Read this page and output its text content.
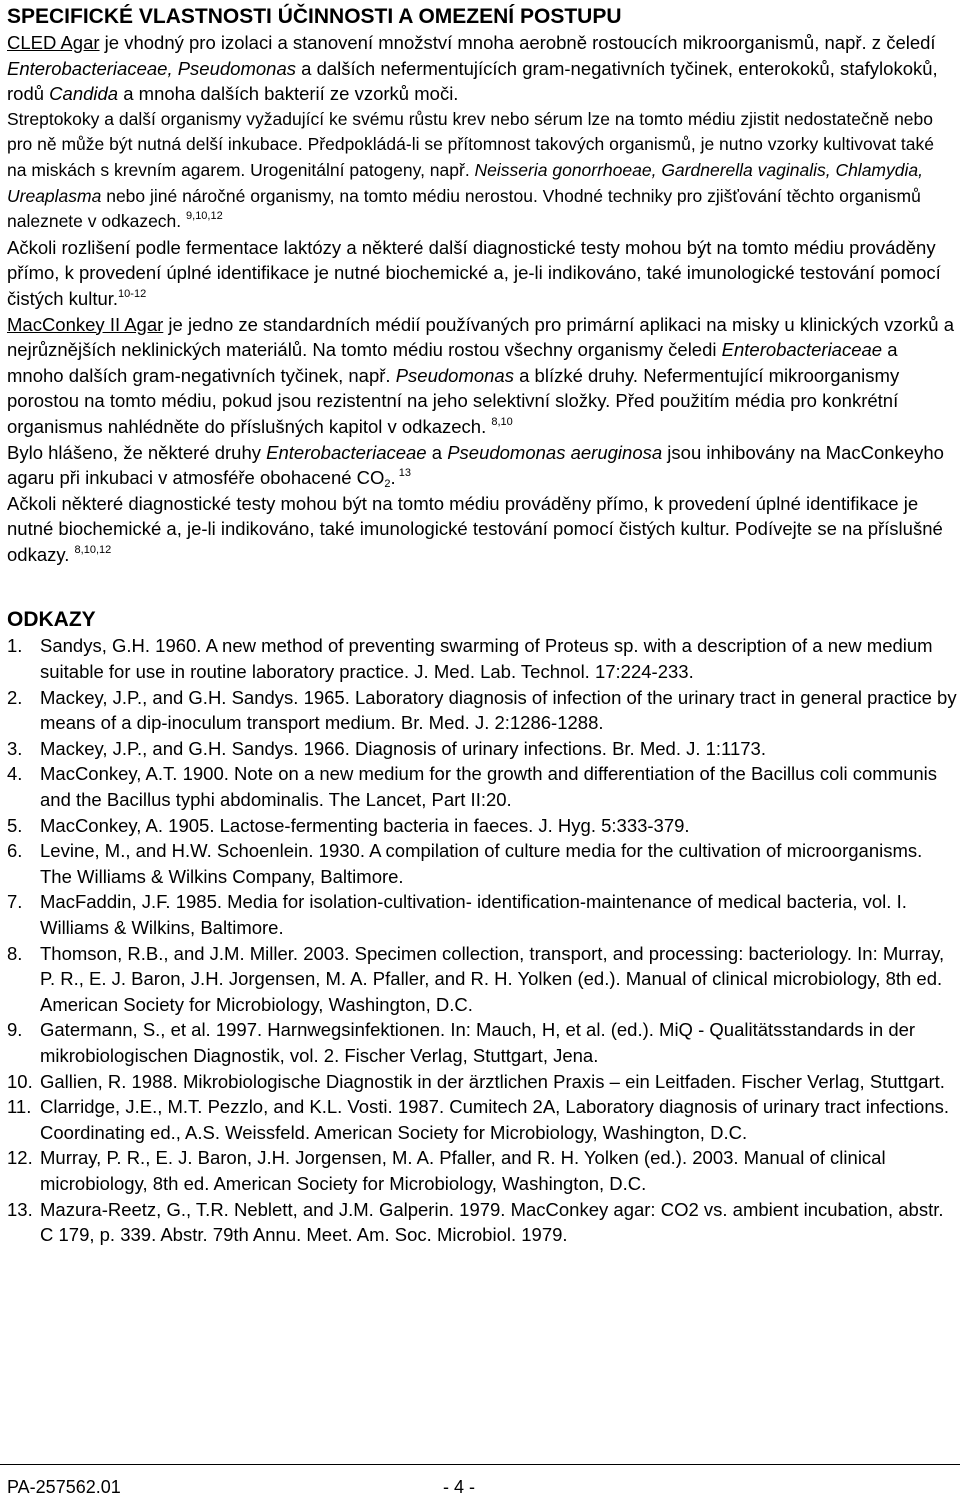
SPECIFICKÉ VLASTNOSTI ÚČINNOSTI A OMEZENÍ POSTUPU

CLED Agar je vhodný pro izolaci a stanovení množství mnoha aerobně rostoucích mikroorganismů, např. z čeledí Enterobacteriaceae, Pseudomonas a dalších nefermentujících gram-negativních tyčinek, enterokoků, stafylokoků, rodů Candida a mnoha dalších bakterií ze vzorků moči.

Streptokoky a další organismy vyžadující ke svému růstu krev nebo sérum lze na tomto médiu zjistit nedostatečně nebo pro ně může být nutná delší inkubace. Předpokládá-li se přítomnost takových organismů, je nutno vzorky kultivovat také na miskách s krevním agarem. Urogenitální patogeny, např. Neisseria gonorrhoeae, Gardnerella vaginalis, Chlamydia, Ureaplasma nebo jiné náročné organismy, na tomto médiu nerostou. Vhodné techniky pro zjišťování těchto organismů naleznete v odkazech. $^{9,10,12}$

Ačkoli rozlišení podle fermentace laktózy a některé další diagnostické testy mohou být na tomto médiu prováděny přímo, k provedení úplné identifikace je nutné biochemické a, je-li indikováno, také imunologické testování pomocí čistých kultur.$^{10-12}$

MacConkey II Agar je jedno ze standardních médií používaných pro primární aplikaci na misky u klinických vzorků a nejrůznějších neklinických materiálů. Na tomto médiu rostou všechny organismy čeledi Enterobacteriaceae a mnoho dalších gram-negativních tyčinek, např. Pseudomonas a blízké druhy. Nefermentující mikroorganismy porostou na tomto médiu, pokud jsou rezistentní na jeho selektivní složky. Před použitím média pro konkrétní organismus nahlédněte do příslušných kapitol v odkazech. $^{8,10}$

Bylo hlášeno, že některé druhy Enterobacteriaceae a Pseudomonas aeruginosa jsou inhibovány na MacConkeyho agaru při inkubaci v atmosféře obohacené $CO_2$. $^{13}$

Ačkoli některé diagnostické testy mohou být na tomto médiu prováděny přímo, k provedení úplné identifikace je nutné biochemické a, je-li indikováno, také imunologické testování pomocí čistých kultur. Podívejte se na příslušné odkazy. $^{8,10,12}$

ODKAZY
1. Sandys, G.H. 1960. A new method of preventing swarming of Proteus sp. with a description of a new medium suitable for use in routine laboratory practice. J. Med. Lab. Technol. 17:224-233.
2. Mackey, J.P., and G.H. Sandys. 1965. Laboratory diagnosis of infection of the urinary tract in general practice by means of a dip-inoculum transport medium. Br. Med. J. 2:1286-1288.
3. Mackey, J.P., and G.H. Sandys. 1966. Diagnosis of urinary infections. Br. Med. J. 1:1173.
4. MacConkey, A.T. 1900. Note on a new medium for the growth and differentiation of the Bacillus coli communis and the Bacillus typhi abdominalis. The Lancet, Part II:20.
5. MacConkey, A. 1905. Lactose-fermenting bacteria in faeces. J. Hyg. 5:333-379.
6. Levine, M., and H.W. Schoenlein. 1930. A compilation of culture media for the cultivation of microorganisms. The Williams & Wilkins Company, Baltimore.
7. MacFaddin, J.F. 1985. Media for isolation-cultivation- identification-maintenance of medical bacteria, vol. I. Williams & Wilkins, Baltimore.
8. Thomson, R.B., and J.M. Miller. 2003. Specimen collection, transport, and processing: bacteriology. In: Murray, P. R., E. J. Baron, J.H. Jorgensen, M. A. Pfaller, and R. H. Yolken (ed.). Manual of clinical microbiology, 8th ed. American Society for Microbiology, Washington, D.C.
9. Gatermann, S., et al. 1997. Harnwegsinfektionen. In: Mauch, H, et al. (ed.). MiQ - Qualitätsstandards in der mikrobiologischen Diagnostik, vol. 2. Fischer Verlag, Stuttgart, Jena.
10. Gallien, R. 1988. Mikrobiologische Diagnostik in der ärztlichen Praxis – ein Leitfaden. Fischer Verlag, Stuttgart.
11. Clarridge, J.E., M.T. Pezzlo, and K.L. Vosti. 1987. Cumitech 2A, Laboratory diagnosis of urinary tract infections. Coordinating ed., A.S. Weissfeld. American Society for Microbiology, Washington, D.C.
12. Murray, P. R., E. J. Baron, J.H. Jorgensen, M. A. Pfaller, and R. H. Yolken (ed.). 2003. Manual of clinical microbiology, 8th ed. American Society for Microbiology, Washington, D.C.
13. Mazura-Reetz, G., T.R. Neblett, and J.M. Galperin. 1979. MacConkey agar: CO2 vs. ambient incubation, abstr. C 179, p. 339. Abstr. 79th Annu. Meet. Am. Soc. Microbiol. 1979.
PA-257562.01	- 4 -
